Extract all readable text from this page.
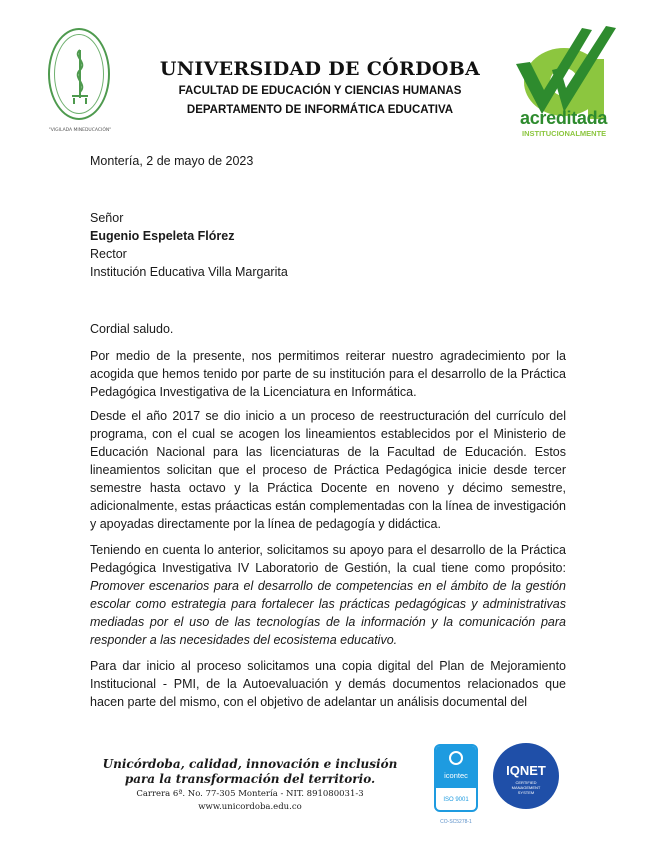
"VIGILADA MINEDUCACIÓN"
UNIVERSIDAD DE CÓRDOBA
FACULTAD DE EDUCACIÓN Y CIENCIAS HUMANAS
DEPARTAMENTO DE INFORMÁTICA EDUCATIVA	acreditada
INSTITUCIONALMENTE
Montería, 2 de mayo de 2023
Señor
Eugenio Espeleta Flórez
Rector
Institución Educativa Villa Margarita
Cordial saludo.
Por medio de la presente, nos permitimos reiterar nuestro agradecimiento por la acogida que hemos tenido por parte de su institución para el desarrollo de la Práctica Pedagógica Investigativa de la Licenciatura en Informática.
Desde el año 2017 se dio inicio a un proceso de reestructuración del currículo del programa, con el cual se acogen los lineamientos establecidos por el Ministerio de Educación Nacional para las licenciaturas de la Facultad de Educación. Estos lineamientos solicitan que el proceso de Práctica Pedagógica inicie desde tercer semestre hasta octavo y la Práctica Docente en noveno y décimo semestre, adicionalmente, estas práacticas están complementadas con la línea de investigación y apoyadas directamente por la línea de pedagogía y didáctica.
Teniendo en cuenta lo anterior, solicitamos su apoyo para el desarrollo de la Práctica Pedagógica Investigativa IV Laboratorio de Gestión, la cual tiene como propósito: Promover escenarios para el desarrollo de competencias en el ámbito de la gestión escolar como estrategia para fortalecer las prácticas pedagógicas y administrativas mediadas por el uso de las tecnologías de la información y la comunicación para responder a las necesidades del ecosistema educativo.
Para dar inicio al proceso solicitamos una copia digital del Plan de Mejoramiento Institucional - PMI, de la Autoevaluación y demás documentos relacionados que hacen parte del mismo, con el objetivo de adelantar un análisis documental del
Unicórdoba, calidad, innovación e inclusión
para la transformación del territorio.
Carrera 6ª. No. 77-305 Montería - NIT. 891080031-3
www.unicordoba.edu.co
icontec
ISO 9001
CO-SC5278-1
IQNET
CERTIFIED MANAGEMENT SYSTEM
